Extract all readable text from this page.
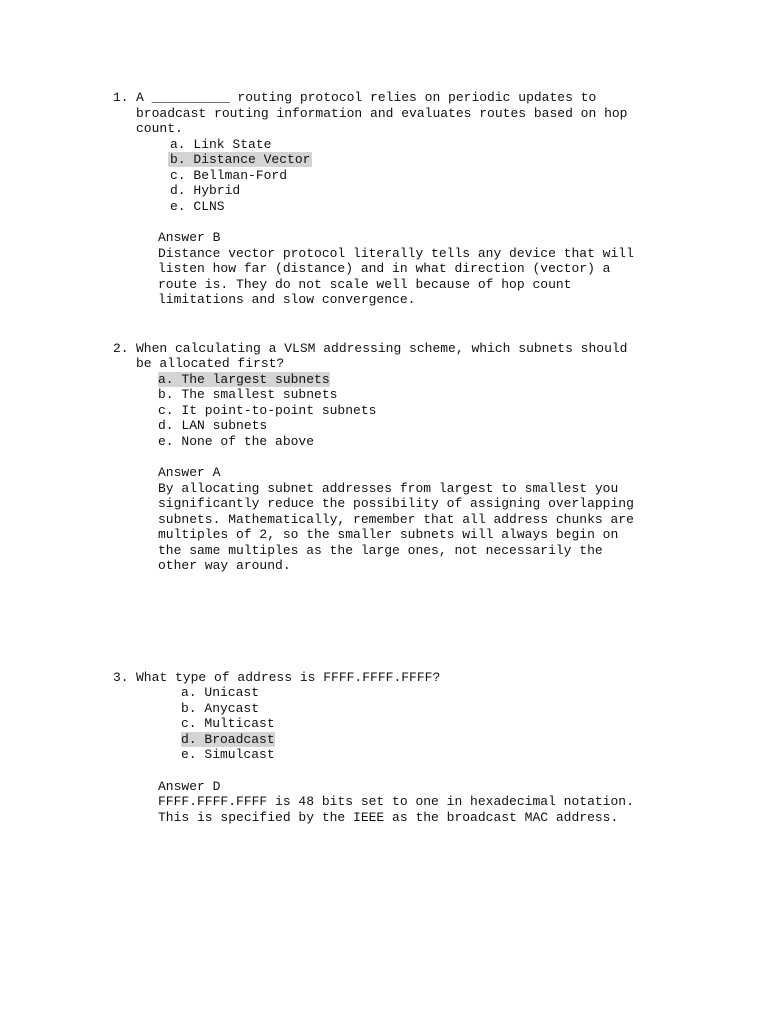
1. A __________ routing protocol relies on periodic updates to

broadcast routing information and evaluates routes based on hop

count.

a. Link State

b. Distance Vector

c. Bellman-Ford

d. Hybrid

e. CLNS

Answer B

Distance vector protocol literally tells any device that will

listen how far (distance) and in what direction (vector) a

route is. They do not scale well because of hop count

limitations and slow convergence.

2. When calculating a VLSM addressing scheme, which subnets should

be allocated first?

a. The largest subnets

b. The smallest subnets

c. It point-to-point subnets

d. LAN subnets

e. None of the above

Answer A

By allocating subnet addresses from largest to smallest you

significantly reduce the possibility of assigning overlapping

subnets. Mathematically, remember that all address chunks are

multiples of 2, so the smaller subnets will always begin on

the same multiples as the large ones, not necessarily the

other way around.

3. What type of address is FFFF.FFFF.FFFF?

a. Unicast

b. Anycast

c. Multicast

d. Broadcast

e. Simulcast

Answer D

FFFF.FFFF.FFFF is 48 bits set to one in hexadecimal notation.

This is specified by the IEEE as the broadcast MAC address.
